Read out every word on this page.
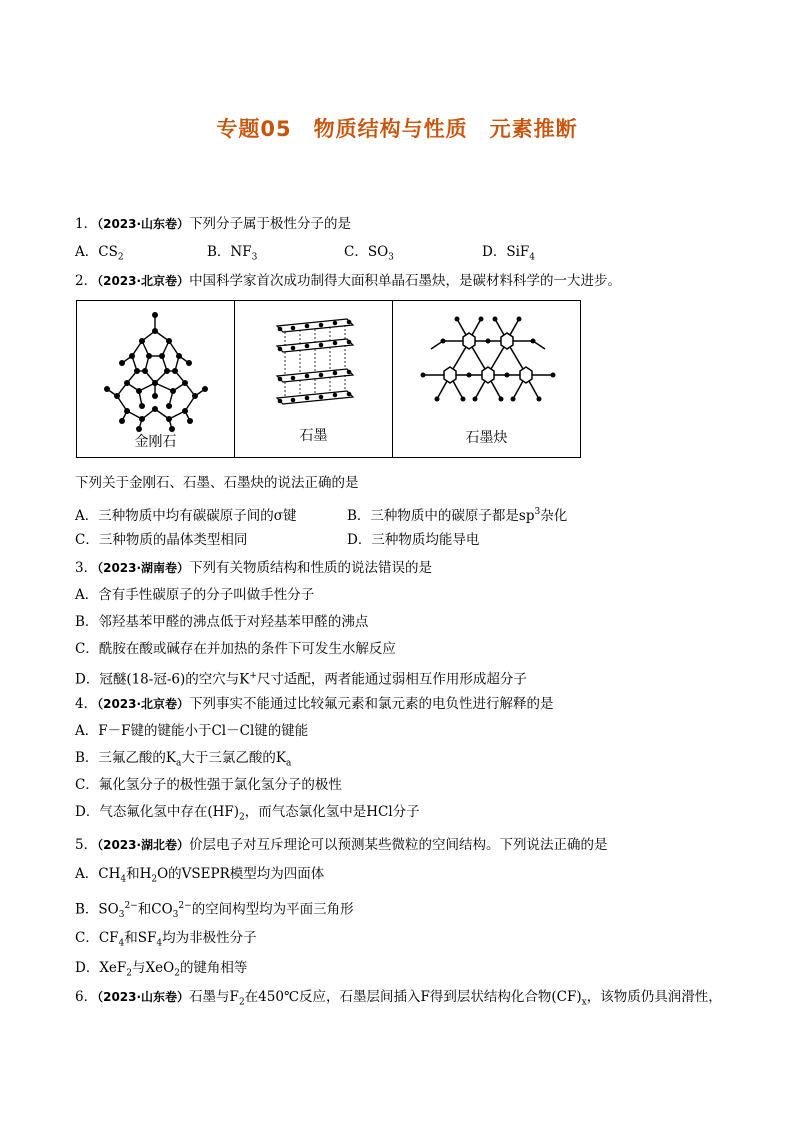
专题05　物质结构与性质　元素推断
1．（2023·山东卷）下列分子属于极性分子的是
A．$CS_2$	B．$NF_3$	C．$SO_3$	D．SiF$_4$
2．（2023·北京卷）中国科学家首次成功制得大面积单晶石墨炔，是碳材料科学的一大进步。
金刚石	石墨	石墨炔
下列关于金刚石、石墨、石墨炔的说法正确的是
A．三种物质中均有碳碳原子间的σ键	B．三种物质中的碳原子都是$sp^3$杂化
C．三种物质的晶体类型相同	D．三种物质均能导电
3．（2023·湖南卷）下列有关物质结构和性质的说法错误的是
A．含有手性碳原子的分子叫做手性分子
B．邻羟基苯甲醛的沸点低于对羟基苯甲醛的沸点
C．酰胺在酸或碱存在并加热的条件下可发生水解反应
D．冠醚(18-冠-6)的空穴与K+尺寸适配，两者能通过弱相互作用形成超分子
4．（2023·北京卷）下列事实不能通过比较氟元素和氯元素的电负性进行解释的是
A．F－F键的键能小于Cl－Cl键的键能
B．三氟乙酸的$K_a$大于三氯乙酸的$K_a$
C．氟化氢分子的极性强于氯化氢分子的极性
D．气态氟化氢中存在$(HF)_2$，而气态氯化氢中是HCl分子
5．（2023·湖北卷）价层电子对互斥理论可以预测某些微粒的空间结构。下列说法正确的是
A．$CH_4$和$H_2O$的VSEPR模型均为四面体
B．$SO_3^{2-}$和$CO_3^{2-}$的空间构型均为平面三角形
C．$CF_4$和$SF_4$均为非极性分子
D．XeF$_2$与XeO$_2$的键角相等
6．（2023·山东卷）石墨与$F_2$在450℃反应，石墨层间插入F得到层状结构化合物$(CF)_x$，该物质仍具润滑性，
